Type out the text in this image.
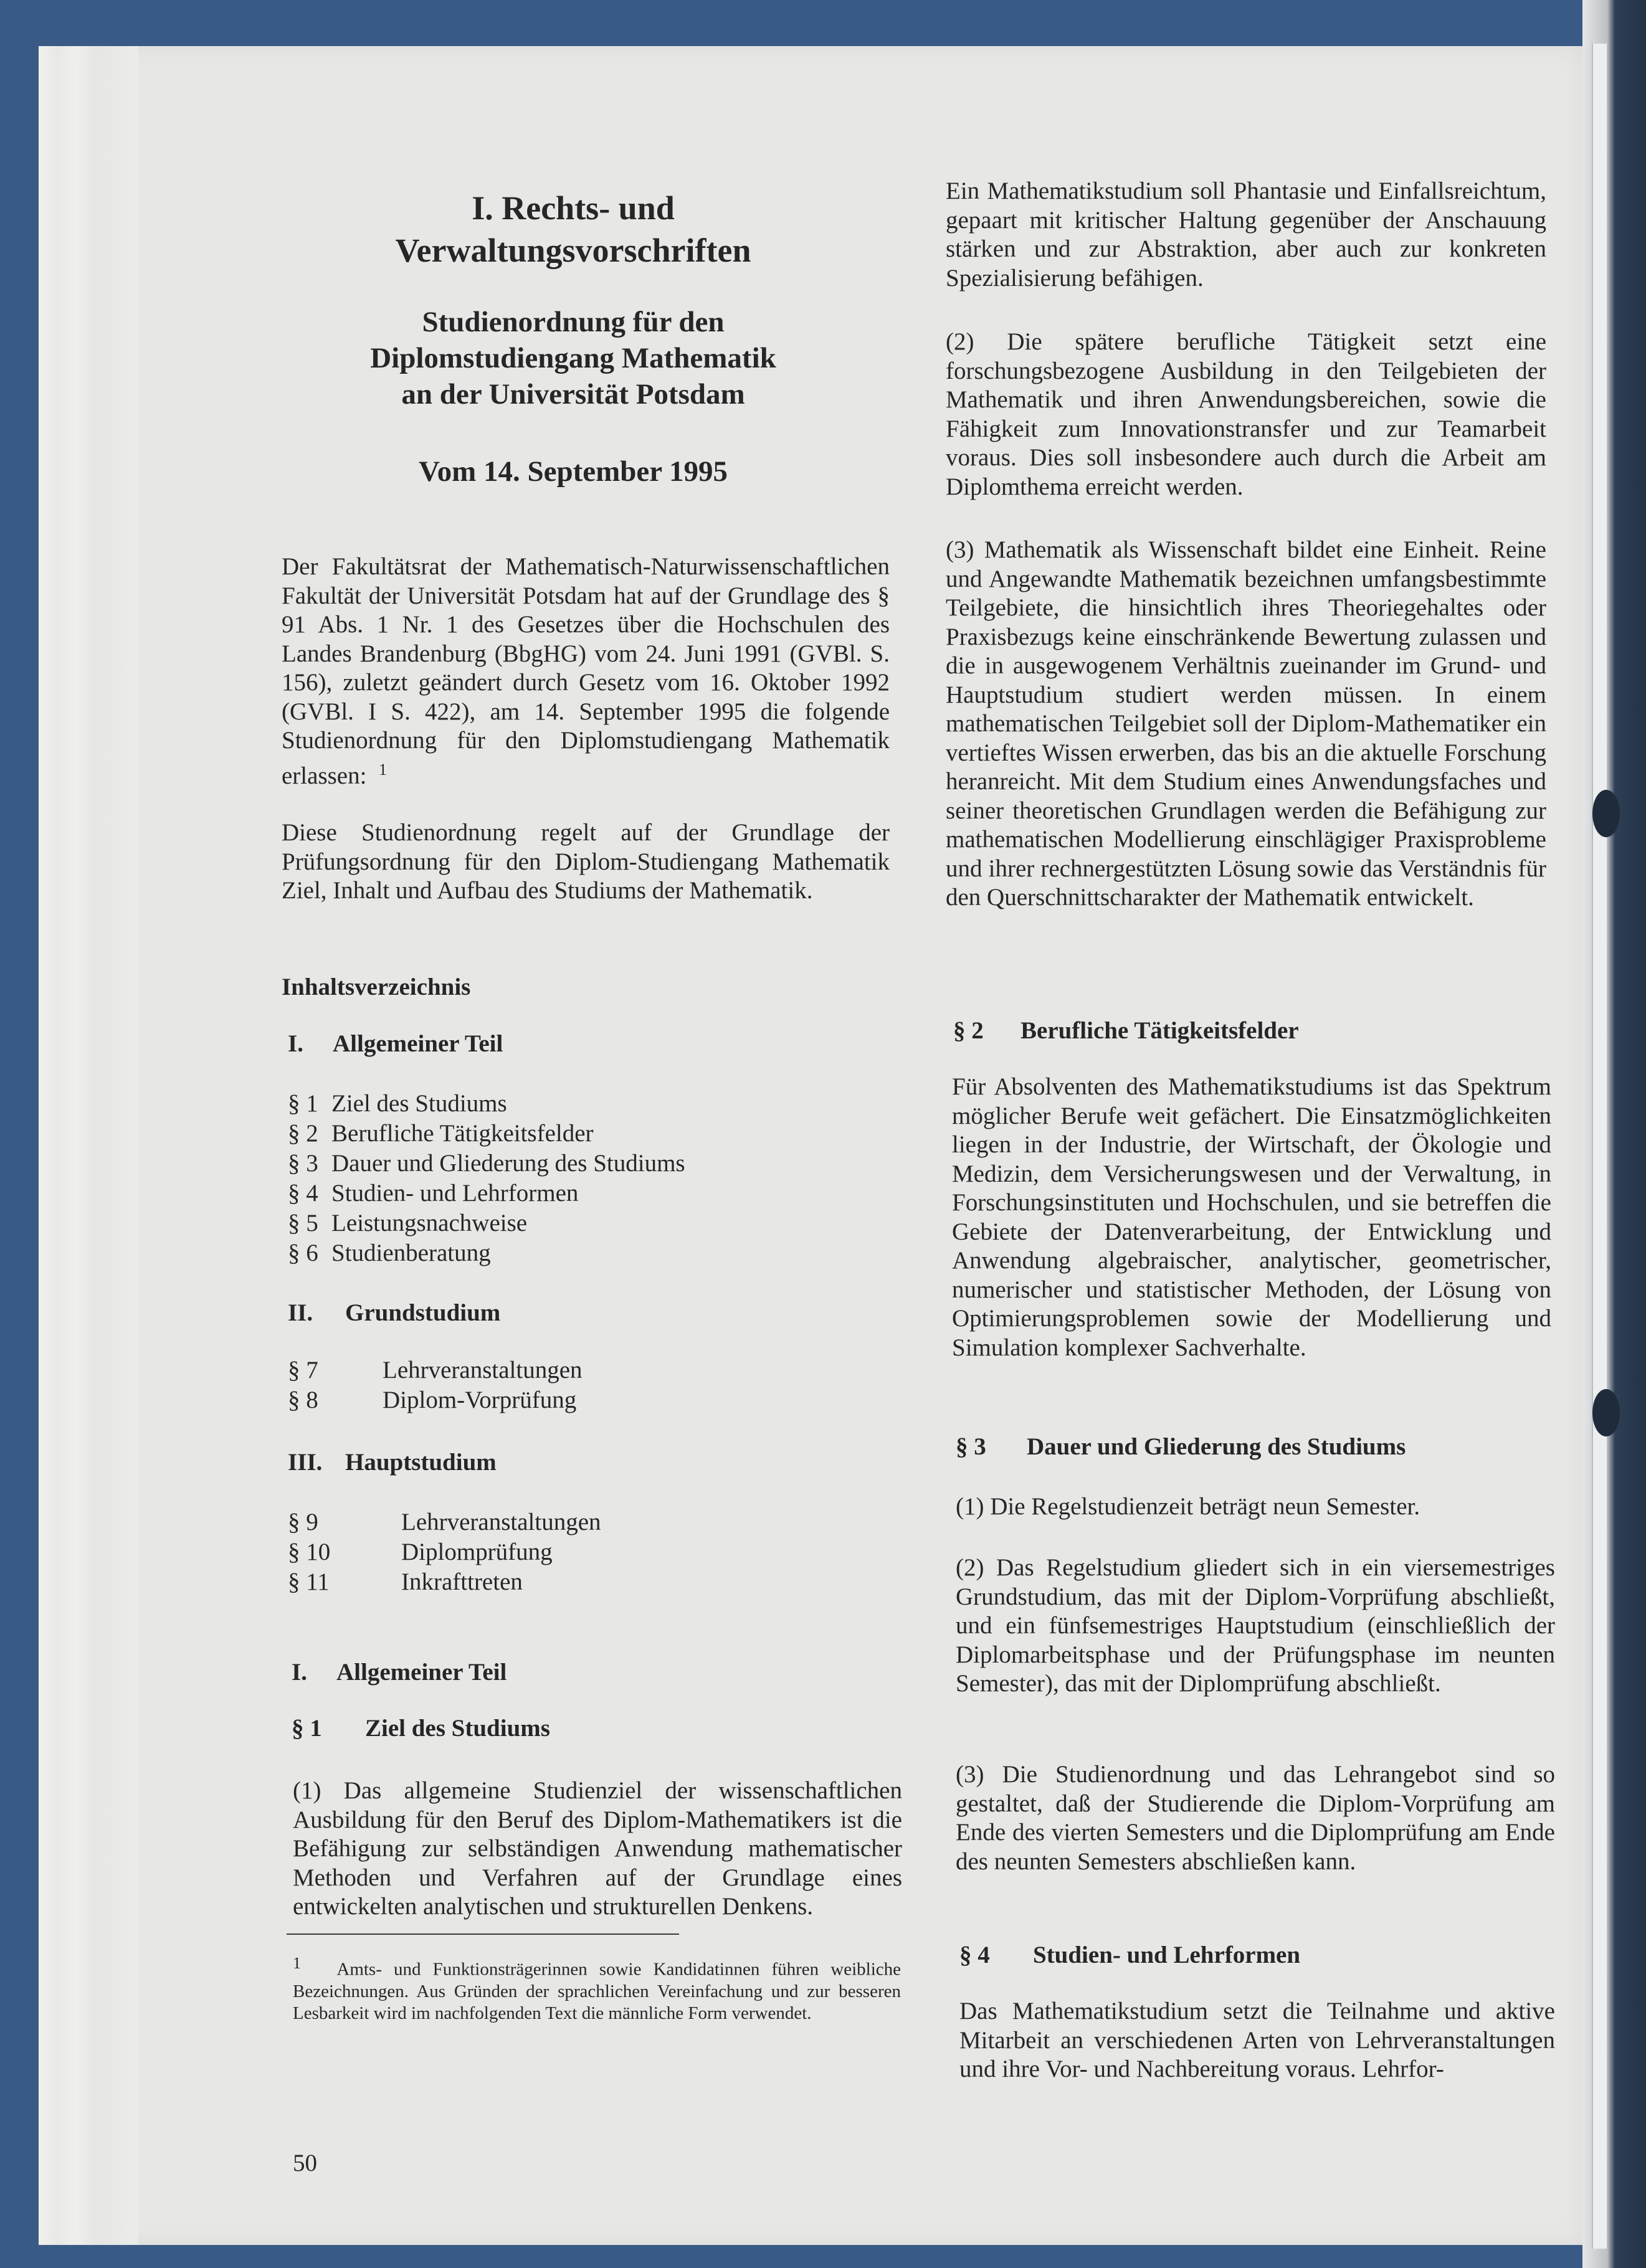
I. Rechts- und
Verwaltungsvorschriften
Studienordnung für den
Diplomstudiengang Mathematik
an der Universität Potsdam
Vom 14. September 1995
Der Fakultätsrat der Mathematisch-Naturwissenschaftlichen Fakultät der Universität Potsdam hat auf der Grundlage des § 91 Abs. 1 Nr. 1 des Gesetzes über die Hochschulen des Landes Brandenburg (BbgHG) vom 24. Juni 1991 (GVBl. S. 156), zuletzt geändert durch Gesetz vom 16. Oktober 1992 (GVBl. I S. 422), am 14. September 1995 die folgende Studienordnung für den Diplomstudiengang Mathematik erlassen: $^1$
Diese Studienordnung regelt auf der Grundlage der Prüfungsordnung für den Diplom-Studiengang Mathematik Ziel, Inhalt und Aufbau des Studiums der Mathematik.
Inhaltsverzeichnis
I. Allgemeiner Teil
§ 1 Ziel des Studiums
§ 2 Berufliche Tätigkeitsfelder
§ 3 Dauer und Gliederung des Studiums
§ 4 Studien- und Lehrformen
§ 5 Leistungsnachweise
§ 6 Studienberatung
II. Grundstudium
§ 7	Lehrveranstaltungen
§ 8	Diplom-Vorprüfung
III. Hauptstudium
§ 9	Lehrveranstaltungen
§ 10	Diplomprüfung
§ 11	Inkrafttreten
I. Allgemeiner Teil
§ 1 Ziel des Studiums
(1) Das allgemeine Studienziel der wissenschaftlichen Ausbildung für den Beruf des Diplom-Mathematikers ist die Befähigung zur selbständigen Anwendung mathematischer Methoden und Verfahren auf der Grundlage eines entwickelten analytischen und strukturellen Denkens.
$^1$ Amts- und Funktionsträgerinnen sowie Kandidatinnen führen weibliche Bezeichnungen. Aus Gründen der sprachlichen Vereinfachung und zur besseren Lesbarkeit wird im nachfolgenden Text die männliche Form verwendet.
50
Ein Mathematikstudium soll Phantasie und Einfallsreichtum, gepaart mit kritischer Haltung gegenüber der Anschauung stärken und zur Abstraktion, aber auch zur konkreten Spezialisierung befähigen.
(2) Die spätere berufliche Tätigkeit setzt eine forschungsbezogene Ausbildung in den Teilgebieten der Mathematik und ihren Anwendungsbereichen, sowie die Fähigkeit zum Innovationstransfer und zur Teamarbeit voraus. Dies soll insbesondere auch durch die Arbeit am Diplomthema erreicht werden.
(3) Mathematik als Wissenschaft bildet eine Einheit. Reine und Angewandte Mathematik bezeichnen umfangsbestimmte Teilgebiete, die hinsichtlich ihres Theoriegehaltes oder Praxisbezugs keine einschränkende Bewertung zulassen und die in ausgewogenem Verhältnis zueinander im Grund- und Hauptstudium studiert werden müssen. In einem mathematischen Teilgebiet soll der Diplom-Mathematiker ein vertieftes Wissen erwerben, das bis an die aktuelle Forschung heranreicht. Mit dem Studium eines Anwendungsfaches und seiner theoretischen Grundlagen werden die Befähigung zur mathematischen Modellierung einschlägiger Praxisprobleme und ihrer rechnergestützten Lösung sowie das Verständnis für den Querschnittscharakter der Mathematik entwickelt.
§ 2 Berufliche Tätigkeitsfelder
Für Absolventen des Mathematikstudiums ist das Spektrum möglicher Berufe weit gefächert. Die Einsatzmöglichkeiten liegen in der Industrie, der Wirtschaft, der Ökologie und Medizin, dem Versicherungswesen und der Verwaltung, in Forschungsinstituten und Hochschulen, und sie betreffen die Gebiete der Datenverarbeitung, der Entwicklung und Anwendung algebraischer, analytischer, geometrischer, numerischer und statistischer Methoden, der Lösung von Optimierungsproblemen sowie der Modellierung und Simulation komplexer Sachverhalte.
§ 3 Dauer und Gliederung des Studiums
(1) Die Regelstudienzeit beträgt neun Semester.
(2) Das Regelstudium gliedert sich in ein viersemestriges Grundstudium, das mit der Diplom-Vorprüfung abschließt, und ein fünfsemestriges Hauptstudium (einschließlich der Diplomarbeitsphase und der Prüfungsphase im neunten Semester), das mit der Diplomprüfung abschließt.
(3) Die Studienordnung und das Lehrangebot sind so gestaltet, daß der Studierende die Diplom-Vorprüfung am Ende des vierten Semesters und die Diplomprüfung am Ende des neunten Semesters abschließen kann.
§ 4 Studien- und Lehrformen
Das Mathematikstudium setzt die Teilnahme und aktive Mitarbeit an verschiedenen Arten von Lehrveranstaltungen und ihre Vor- und Nachbereitung voraus. Lehrfor-
